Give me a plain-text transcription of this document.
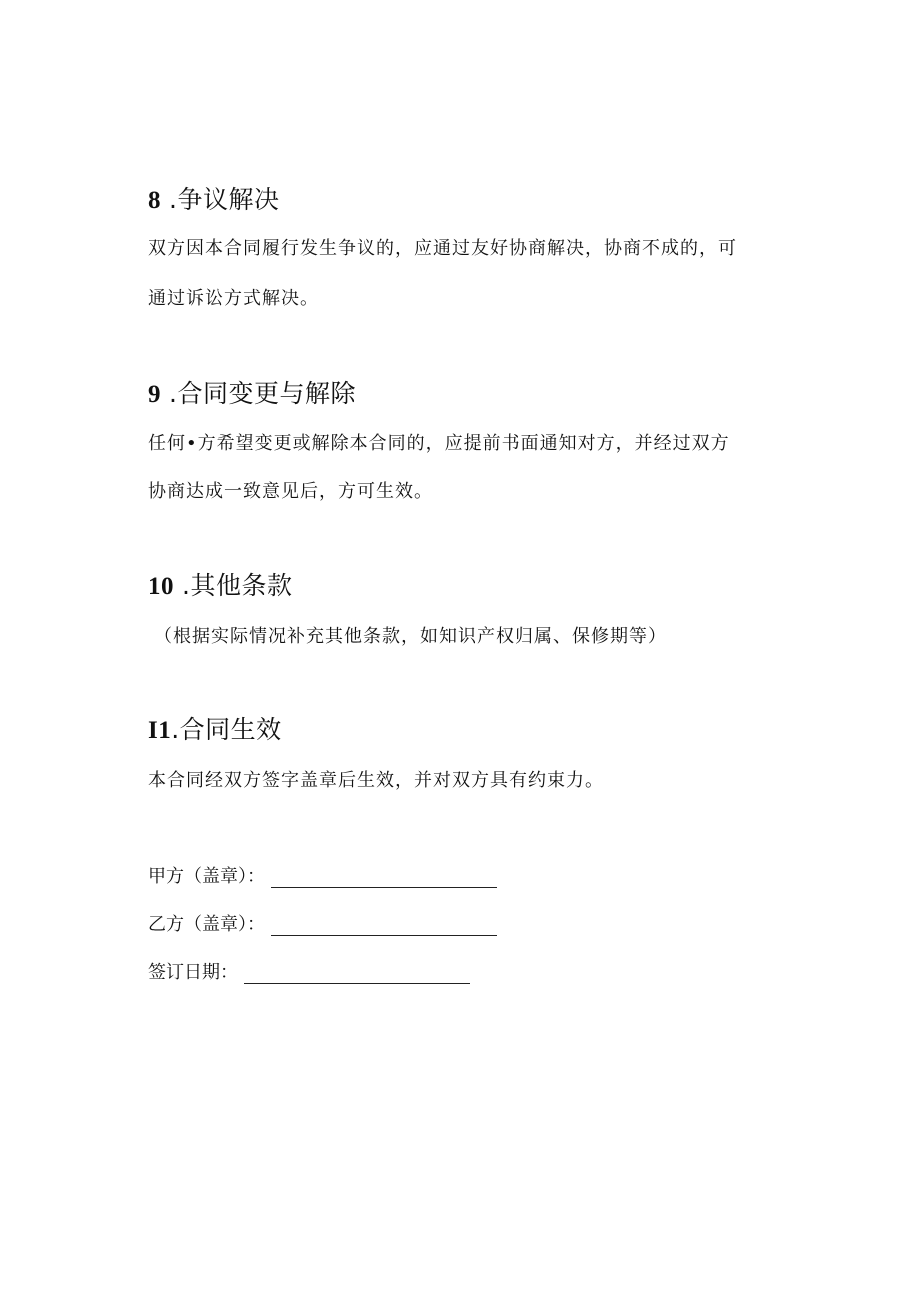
8 .争议解决
双方因本合同履行发生争议的，应通过友好协商解决，协商不成的，可
通过诉讼方式解决。
9 .合同变更与解除
任何•方希望变更或解除本合同的，应提前书面通知对方，并经过双方
协商达成一致意见后，方可生效。
10 .其他条款
（根据实际情况补充其他条款，如知识产权归属、保修期等）
I1.合同生效
本合同经双方签字盖章后生效，并对双方具有约束力。
甲方（盖章）：
乙方（盖章）：
签订日期：
